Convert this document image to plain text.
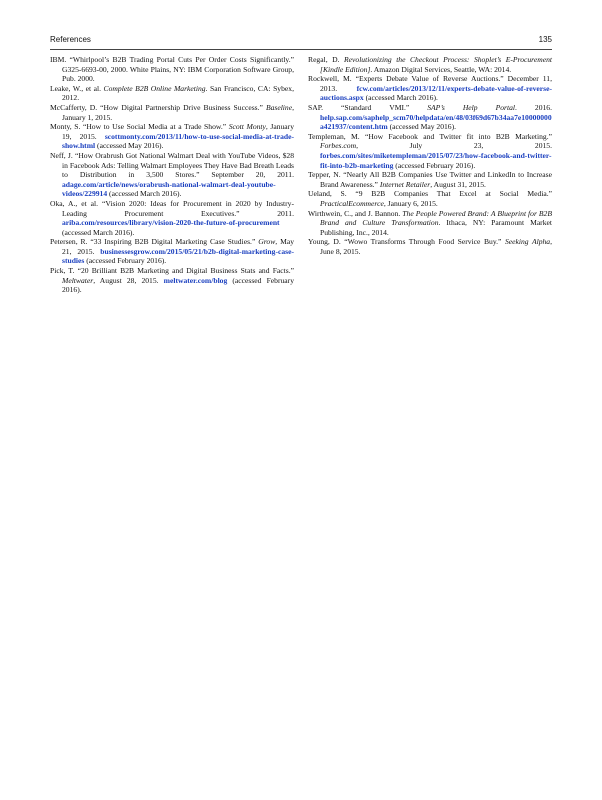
References	135

IBM. “Whirlpool’s B2B Trading Portal Cuts Per Order Costs Significantly.” G325-6693-00, 2000. White Plains, NY: IBM Corporation Software Group, Pub. 2000.

Leake, W., et al. Complete B2B Online Marketing. San Francisco, CA: Sybex, 2012.

McCafferty, D. “How Digital Partnership Drive Business Success.” Baseline, January 1, 2015.

Monty, S. “How to Use Social Media at a Trade Show.” Scott Monty, January 19, 2015. scottmonty.com/2013/11/how-to-use-social-media-at-trade-show.html (accessed May 2016).

Neff, J. “How Orabrush Got National Walmart Deal with YouTube Videos, $28 in Facebook Ads: Telling Walmart Employees They Have Bad Breath Leads to Distribution in 3,500 Stores.” September 20, 2011. adage.com/article/news/orabrush-national-walmart-deal-youtube-videos/229914 (accessed March 2016).

Oka, A., et al. “Vision 2020: Ideas for Procurement in 2020 by Industry-Leading Procurement Executives.” 2011. ariba.com/resources/library/vision-2020-the-future-of-procurement (accessed March 2016).

Petersen, R. “33 Inspiring B2B Digital Marketing Case Studies.” Grow, May 21, 2015. businessesgrow.com/2015/05/21/b2b-digital-marketing-case-studies (accessed February 2016).

Pick, T. “20 Brilliant B2B Marketing and Digital Business Stats and Facts.” Meltwater, August 28, 2015. meltwater.com/blog (accessed February 2016).

Regal, D. Revolutionizing the Checkout Process: Shoplet’s E-Procurement [Kindle Edition]. Amazon Digital Services, Seattle, WA: 2014.

Rockwell, M. “Experts Debate Value of Reverse Auctions.” December 11, 2013. fcw.com/articles/2013/12/11/experts-debate-value-of-reverse-auctions.aspx (accessed March 2016).

SAP. “Standard VMI.” SAP’s Help Portal. 2016. help.sap.com/saphelp_scm70/helpdata/en/48/03f69d67b34aa7e10000000a421937/content.htm (accessed May 2016).

Templeman, M. “How Facebook and Twitter fit into B2B Marketing.” Forbes.com, July 23, 2015. forbes.com/sites/miketempleman/2015/07/23/how-facebook-and-twitter-fit-into-b2b-marketing (accessed February 2016).

Tepper, N. “Nearly All B2B Companies Use Twitter and LinkedIn to Increase Brand Awareness.” Internet Retailer, August 31, 2015.

Ueland, S. “9 B2B Companies That Excel at Social Media.” PracticalEcommerce, January 6, 2015.

Wirthwein, C., and J. Bannon. The People Powered Brand: A Blueprint for B2B Brand and Culture Transformation. Ithaca, NY: Paramount Market Publishing, Inc., 2014.

Young, D. “Wowo Transforms Through Food Service Buy.” Seeking Alpha, June 8, 2015.
